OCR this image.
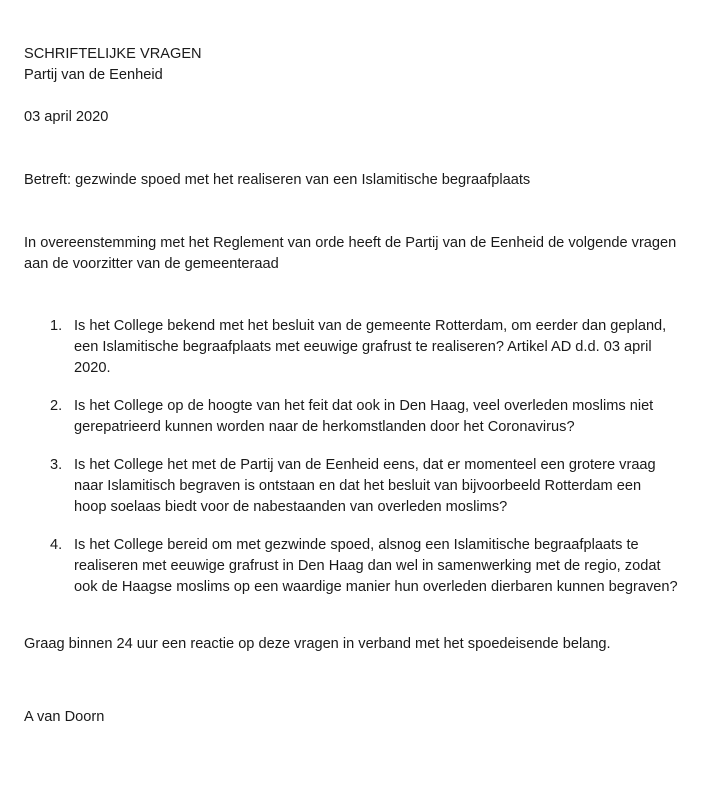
SCHRIFTELIJKE VRAGEN
Partij van de Eenheid
03 april 2020
Betreft: gezwinde spoed met het realiseren van een Islamitische begraafplaats
In overeenstemming met het Reglement van orde heeft de Partij van de Eenheid de volgende vragen
aan de voorzitter van de gemeenteraad
1. Is het College bekend met het besluit van de gemeente Rotterdam, om eerder dan gepland,
een Islamitische begraafplaats met eeuwige grafrust te realiseren? Artikel AD d.d. 03 april
2020.
2. Is het College op de hoogte van het feit dat ook in Den Haag, veel overleden moslims niet
gerepatrieerd kunnen worden naar de herkomstlanden door het Coronavirus?
3. Is het College het met de Partij van de Eenheid eens, dat er momenteel een grotere vraag
naar Islamitisch begraven is ontstaan en dat het besluit van bijvoorbeeld Rotterdam een
hoop soelaas biedt voor de nabestaanden van overleden moslims?
4. Is het College bereid om met gezwinde spoed, alsnog een Islamitische begraafplaats te
realiseren met eeuwige grafrust in Den Haag dan wel in samenwerking met de regio, zodat
ook de Haagse moslims op een waardige manier hun overleden dierbaren kunnen begraven?
Graag binnen 24 uur een reactie op deze vragen in verband met het spoedeisende belang.
A van Doorn
